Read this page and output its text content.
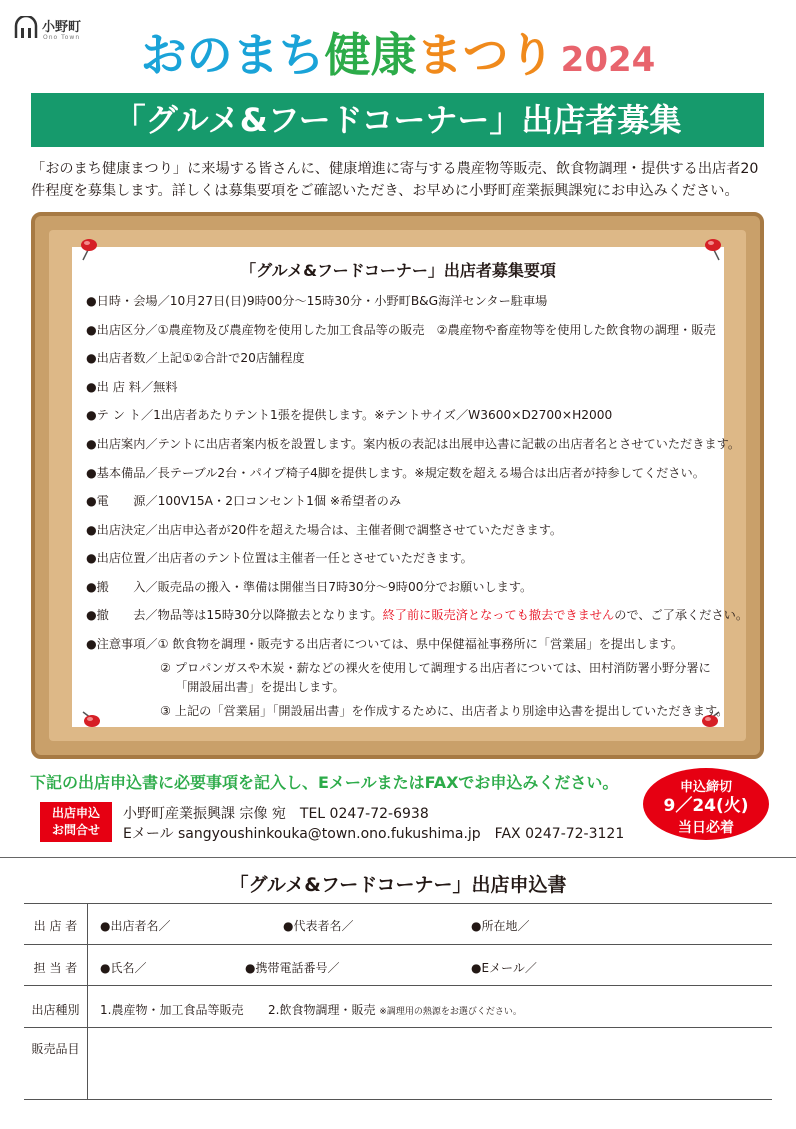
小野町
Ono Town	おのまち健康まつり 2024
「グルメ&フードコーナー」出店者募集
「おのまち健康まつり」に来場する皆さんに、健康増進に寄与する農産物等販売、飲食物調理・提供する出店者20件程度を募集します。詳しくは募集要項をご確認いただき、お早めに小野町産業振興課宛にお申込みください。
「グルメ&フードコーナー」出店者募集要項
●日時・会場／10月27日(日)9時00分～15時30分・小野町B&G海洋センター駐車場
●出店区分／①農産物及び農産物を使用した加工食品等の販売　②農産物や畜産物等を使用した飲食物の調理・販売
●出店者数／上記①②合計で20店舗程度
●出 店 料／無料
●テ ン ト／1出店者あたりテント1張を提供します。※テントサイズ／W3600×D2700×H2000
●出店案内／テントに出店者案内板を設置します。案内板の表記は出展申込書に記載の出店者名とさせていただきます。
●基本備品／長テーブル2台・パイプ椅子4脚を提供します。※規定数を超える場合は出店者が持参してください。
●電　　源／100V15A・2口コンセント1個 ※希望者のみ
●出店決定／出店申込者が20件を超えた場合は、主催者側で調整させていただきます。
●出店位置／出店者のテント位置は主催者一任とさせていただきます。
●搬　　入／販売品の搬入・準備は開催当日7時30分～9時00分でお願いします。
●撤　　去／物品等は15時30分以降撤去となります。終了前に販売済となっても撤去できませんので、ご了承ください。
●注意事項／① 飲食物を調理・販売する出店者については、県中保健福祉事務所に「営業届」を提出します。
② プロパンガスや木炭・薪などの裸火を使用して調理する出店者については、田村消防署小野分署に
「開設届出書」を提出します。
③ 上記の「営業届」「開設届出書」を作成するために、出店者より別途申込書を提出していただきます。
下記の出店申込書に必要事項を記入し、EメールまたはFAXでお申込みください。
出店申込
お問合せ
小野町産業振興課 宗像 宛　TEL 0247-72-6938
Eメール sangyoushinkouka@town.ono.fukushima.jp　FAX 0247-72-3121
申込締切
9／24(火)
当日必着
「グルメ&フードコーナー」出店申込書
出 店 者	●出店者名／	●代表者名／	●所在地／
担 当 者	●氏名／	●携帯電話番号／	●Eメール／
出店種別	1.農産物・加工食品等販売 2.飲食物調理・販売 ※調理用の熱源をお選びください。
販売品目
